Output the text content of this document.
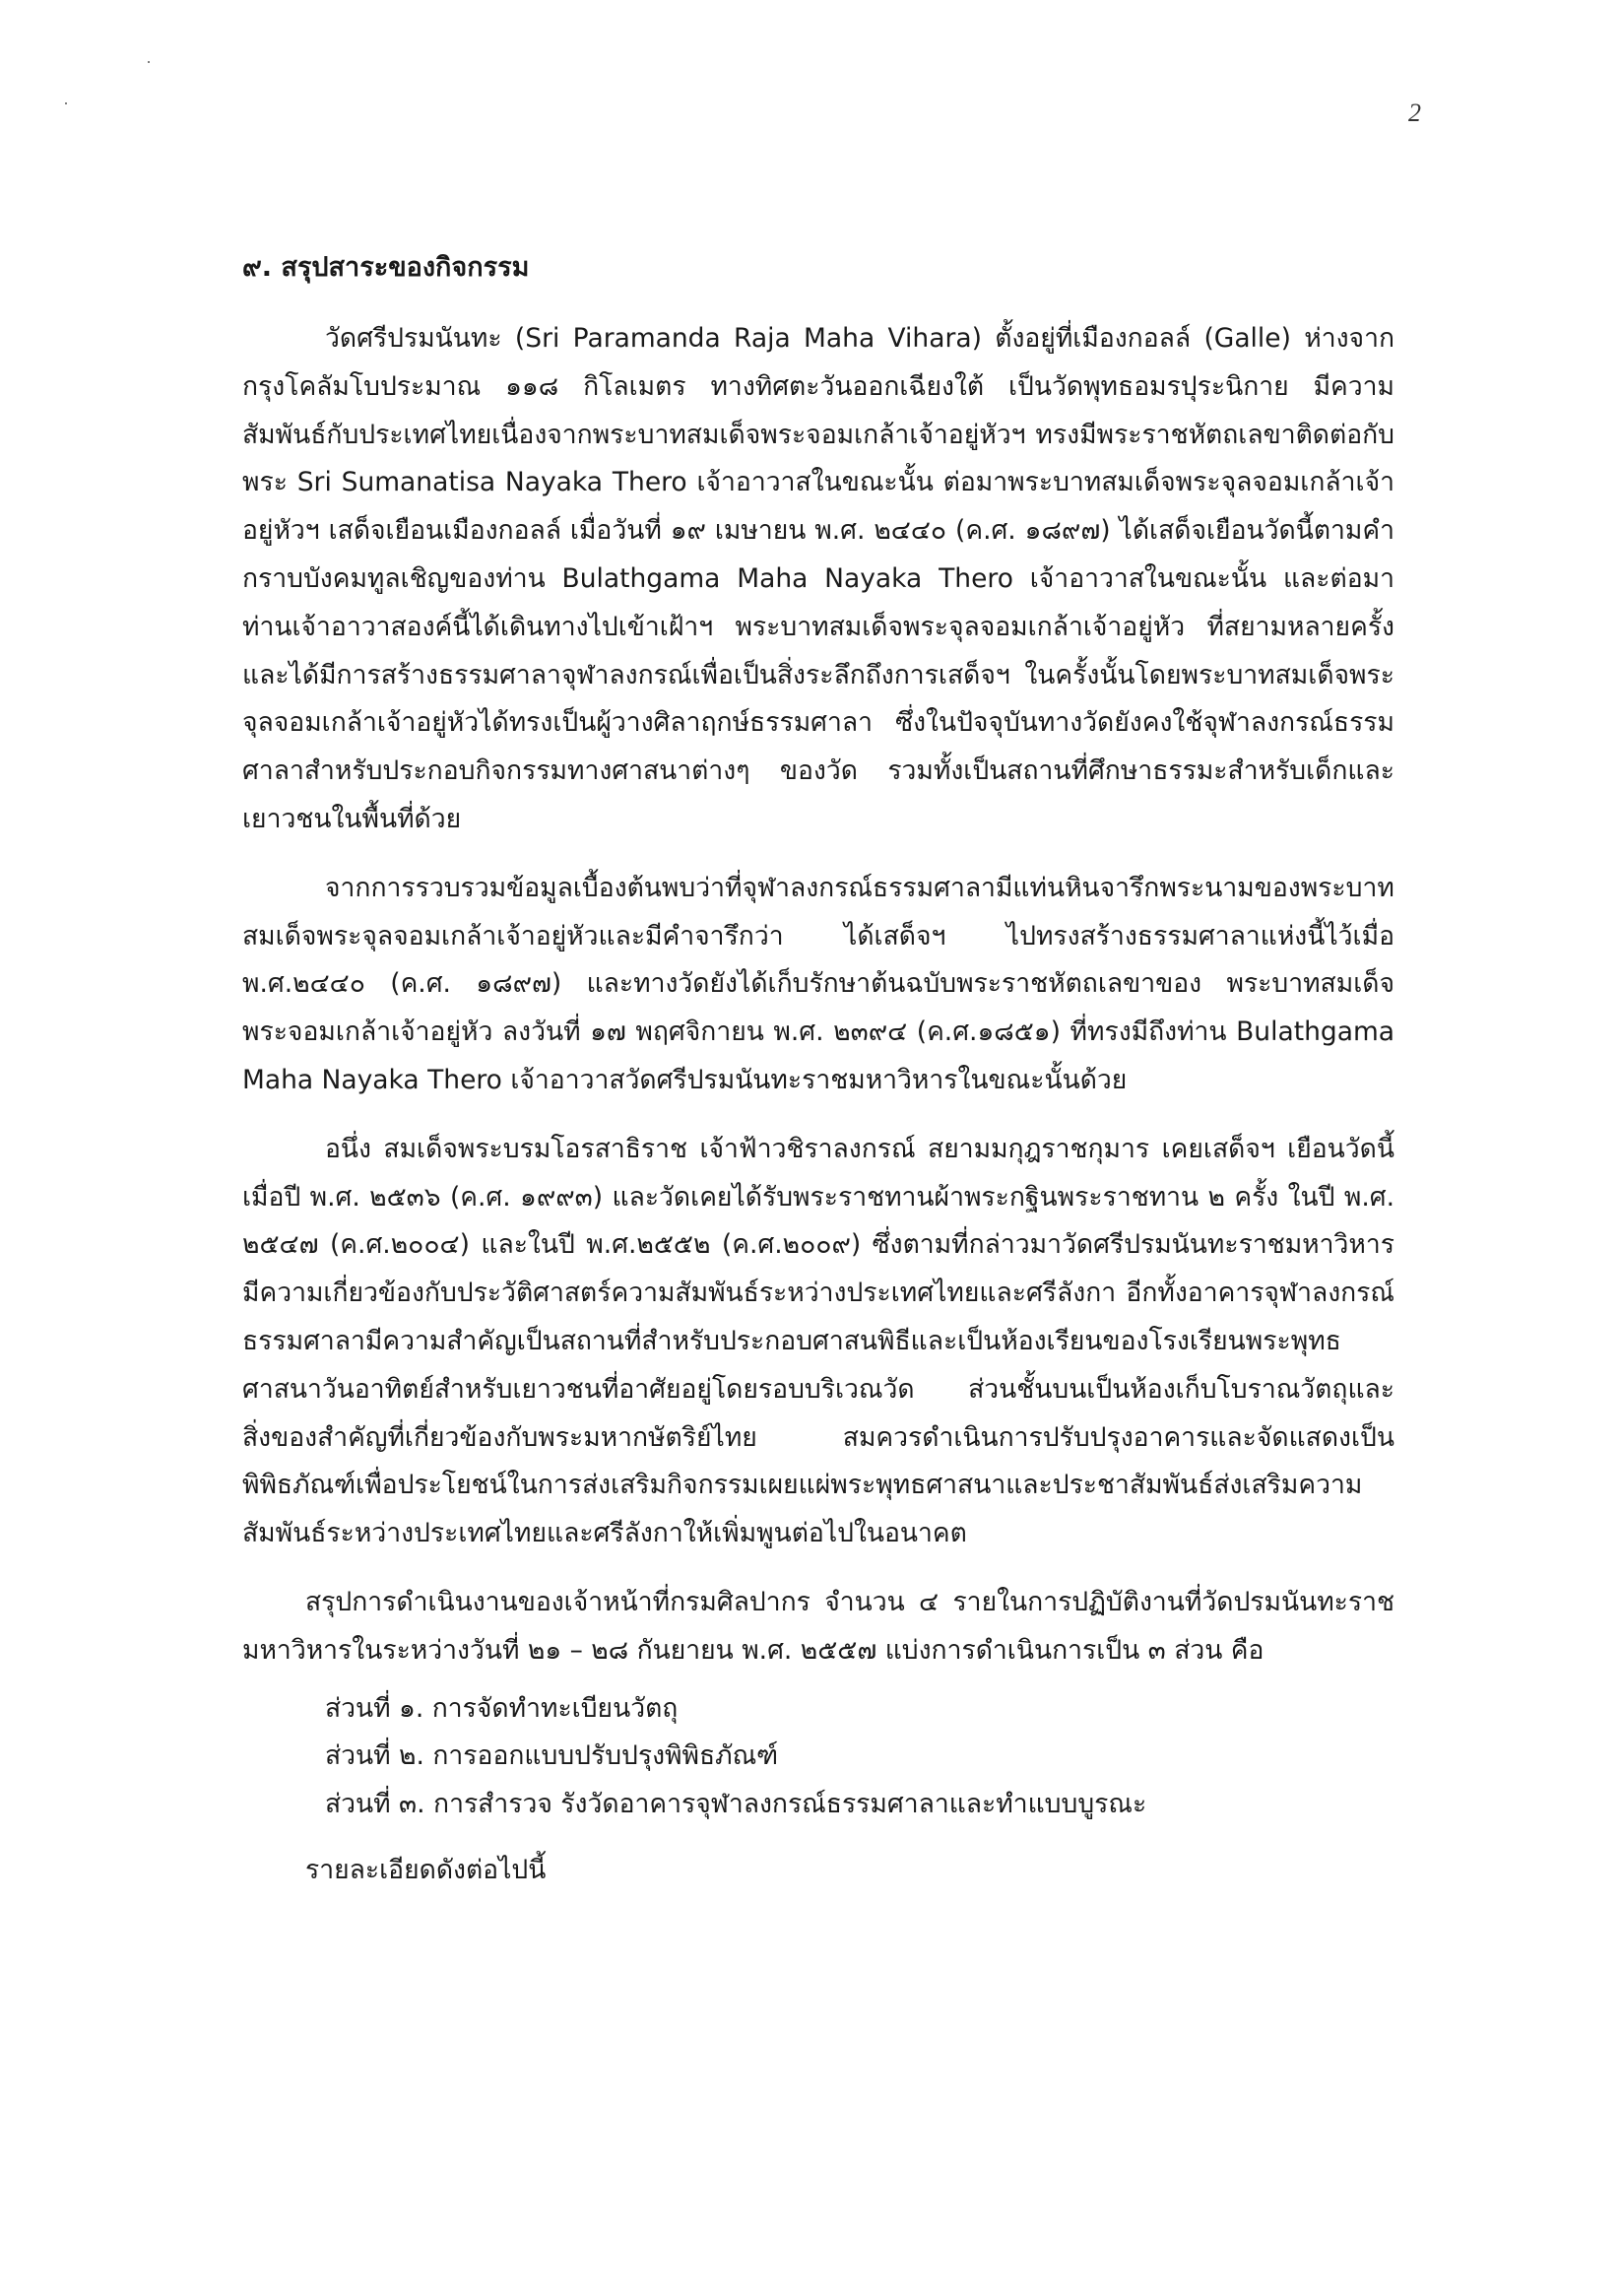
2
๙. สรุปสาระของกิจกรรม

วัดศรีปรมนันทะ (Sri Paramanda Raja Maha Vihara) ตั้งอยู่ที่เมืองกอลล์ (Galle) ห่างจากกรุงโคลัมโบประมาณ ๑๑๘ กิโลเมตร ทางทิศตะวันออกเฉียงใต้ เป็นวัดพุทธอมรปุระนิกาย มีความสัมพันธ์กับประเทศไทยเนื่องจากพระบาทสมเด็จพระจอมเกล้าเจ้าอยู่หัวฯ ทรงมีพระราชหัตถเลขาติดต่อกับพระ Sri Sumanatisa Nayaka Thero เจ้าอาวาสในขณะนั้น ต่อมาพระบาทสมเด็จพระจุลจอมเกล้าเจ้าอยู่หัวฯ เสด็จเยือนเมืองกอลล์ เมื่อวันที่ ๑๙ เมษายน พ.ศ. ๒๔๔๐ (ค.ศ. ๑๘๙๗) ได้เสด็จเยือนวัดนี้ตามคำกราบบังคมทูลเชิญของท่าน Bulathgama Maha Nayaka Thero เจ้าอาวาสในขณะนั้น และต่อมา ท่านเจ้าอาวาสองค์นี้ได้เดินทางไปเข้าเฝ้าฯ พระบาทสมเด็จพระจุลจอมเกล้าเจ้าอยู่หัว ที่สยามหลายครั้ง และได้มีการสร้างธรรมศาลาจุฬาลงกรณ์เพื่อเป็นสิ่งระลึกถึงการเสด็จฯ ในครั้งนั้นโดยพระบาทสมเด็จพระจุลจอมเกล้าเจ้าอยู่หัวได้ทรงเป็นผู้วางศิลาฤกษ์ธรรมศาลา ซึ่งในปัจจุบันทางวัดยังคงใช้จุฬาลงกรณ์ธรรมศาลาสำหรับประกอบกิจกรรมทางศาสนาต่างๆ ของวัด รวมทั้งเป็นสถานที่ศึกษาธรรมะสำหรับเด็กและเยาวชนในพื้นที่ด้วย

จากการรวบรวมข้อมูลเบื้องต้นพบว่าที่จุฬาลงกรณ์ธรรมศาลามีแท่นหินจารึกพระนามของพระบาทสมเด็จพระจุลจอมเกล้าเจ้าอยู่หัวและมีคำจารึกว่า ได้เสด็จฯ ไปทรงสร้างธรรมศาลาแห่งนี้ไว้เมื่อ พ.ศ.๒๔๔๐ (ค.ศ. ๑๘๙๗) และทางวัดยังได้เก็บรักษาต้นฉบับพระราชหัตถเลขาของ พระบาทสมเด็จพระจอมเกล้าเจ้าอยู่หัว ลงวันที่ ๑๗ พฤศจิกายน พ.ศ. ๒๓๙๔ (ค.ศ.๑๘๕๑) ที่ทรงมีถึงท่าน Bulathgama Maha Nayaka Thero เจ้าอาวาสวัดศรีปรมนันทะราชมหาวิหารในขณะนั้นด้วย

อนึ่ง สมเด็จพระบรมโอรสาธิราช เจ้าฟ้าวชิราลงกรณ์ สยามมกุฎราชกุมาร เคยเสด็จฯ เยือนวัดนี้เมื่อปี พ.ศ. ๒๕๓๖ (ค.ศ. ๑๙๙๓) และวัดเคยได้รับพระราชทานผ้าพระกฐินพระราชทาน ๒ ครั้ง ในปี พ.ศ. ๒๕๔๗ (ค.ศ.๒๐๐๔) และในปี พ.ศ.๒๕๕๒ (ค.ศ.๒๐๐๙) ซึ่งตามที่กล่าวมาวัดศรีปรมนันทะราชมหาวิหารมีความเกี่ยวข้องกับประวัติศาสตร์ความสัมพันธ์ระหว่างประเทศไทยและศรีลังกา อีกทั้งอาคารจุฬาลงกรณ์ธรรมศาลามีความสำคัญเป็นสถานที่สำหรับประกอบศาสนพิธีและเป็นห้องเรียนของโรงเรียนพระพุทธศาสนาวันอาทิตย์สำหรับเยาวชนที่อาศัยอยู่โดยรอบบริเวณวัด ส่วนชั้นบนเป็นห้องเก็บโบราณวัตถุและสิ่งของสำคัญที่เกี่ยวข้องกับพระมหากษัตริย์ไทย สมควรดำเนินการปรับปรุงอาคารและจัดแสดงเป็นพิพิธภัณฑ์เพื่อประโยชน์ในการส่งเสริมกิจกรรมเผยแผ่พระพุทธศาสนาและประชาสัมพันธ์ส่งเสริมความสัมพันธ์ระหว่างประเทศไทยและศรีลังกาให้เพิ่มพูนต่อไปในอนาคต

สรุปการดำเนินงานของเจ้าหน้าที่กรมศิลปากร จำนวน ๔ รายในการปฏิบัติงานที่วัดปรมนันทะราชมหาวิหารในระหว่างวันที่ ๒๑ – ๒๘ กันยายน พ.ศ. ๒๕๕๗ แบ่งการดำเนินการเป็น ๓ ส่วน คือ

ส่วนที่ ๑. การจัดทำทะเบียนวัตถุ
ส่วนที่ ๒. การออกแบบปรับปรุงพิพิธภัณฑ์
ส่วนที่ ๓. การสำรวจ รังวัดอาคารจุฬาลงกรณ์ธรรมศาลาและทำแบบบูรณะ

รายละเอียดดังต่อไปนี้
